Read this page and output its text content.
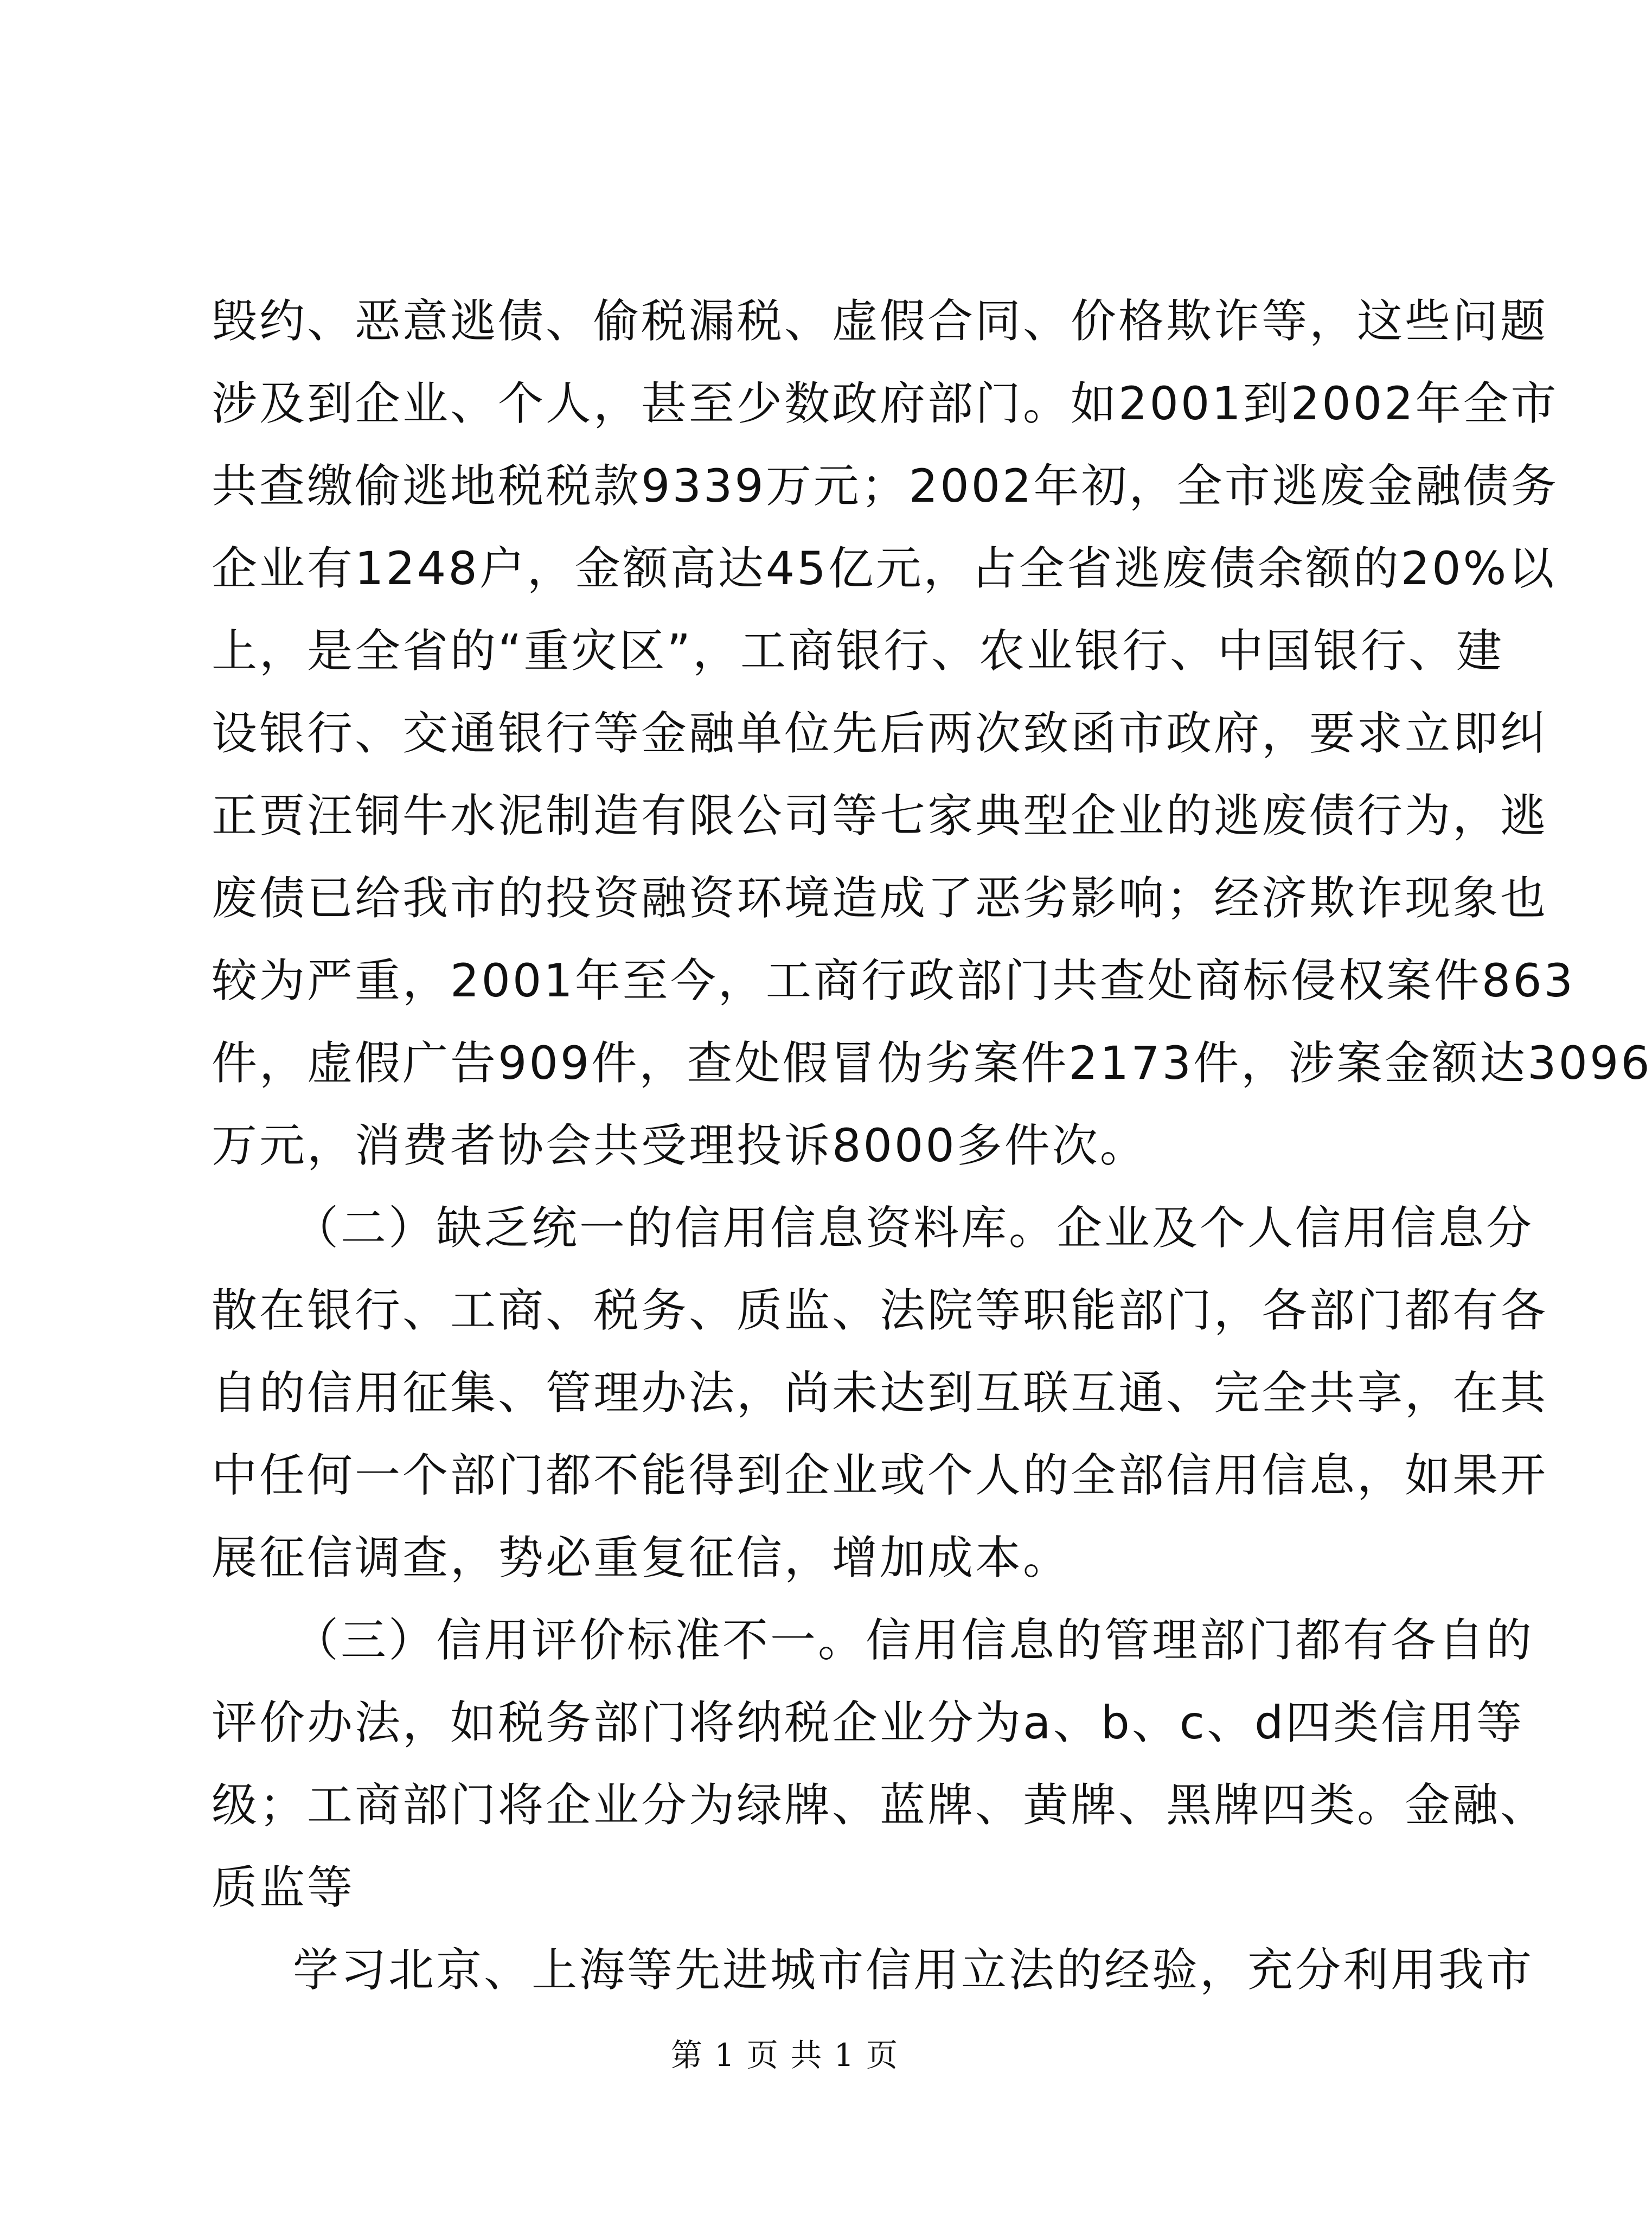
毁约、恶意逃债、偷税漏税、虚假合同、价格欺诈等，这些问题
涉及到企业、个人，甚至少数政府部门。如2001到2002年全市
共查缴偷逃地税税款9339万元；2002年初，全市逃废金融债务
企业有1248户，金额高达45亿元，占全省逃废债余额的20%以
上，是全省的“重灾区”，工商银行、农业银行、中国银行、建
设银行、交通银行等金融单位先后两次致函市政府，要求立即纠
正贾汪铜牛水泥制造有限公司等七家典型企业的逃废债行为，逃
废债已给我市的投资融资环境造成了恶劣影响；经济欺诈现象也
较为严重，2001年至今，工商行政部门共查处商标侵权案件863
件，虚假广告909件，查处假冒伪劣案件2173件，涉案金额达3096
万元，消费者协会共受理投诉8000多件次。
（二）缺乏统一的信用信息资料库。企业及个人信用信息分
散在银行、工商、税务、质监、法院等职能部门，各部门都有各
自的信用征集、管理办法，尚未达到互联互通、完全共享，在其
中任何一个部门都不能得到企业或个人的全部信用信息，如果开
展征信调查，势必重复征信，增加成本。
（三）信用评价标准不一。信用信息的管理部门都有各自的
评价办法，如税务部门将纳税企业分为a、b、c、d四类信用等
级；工商部门将企业分为绿牌、蓝牌、黄牌、黑牌四类。金融、
质监等
学习北京、上海等先进城市信用立法的经验，充分利用我市
第 1 页 共 1 页
